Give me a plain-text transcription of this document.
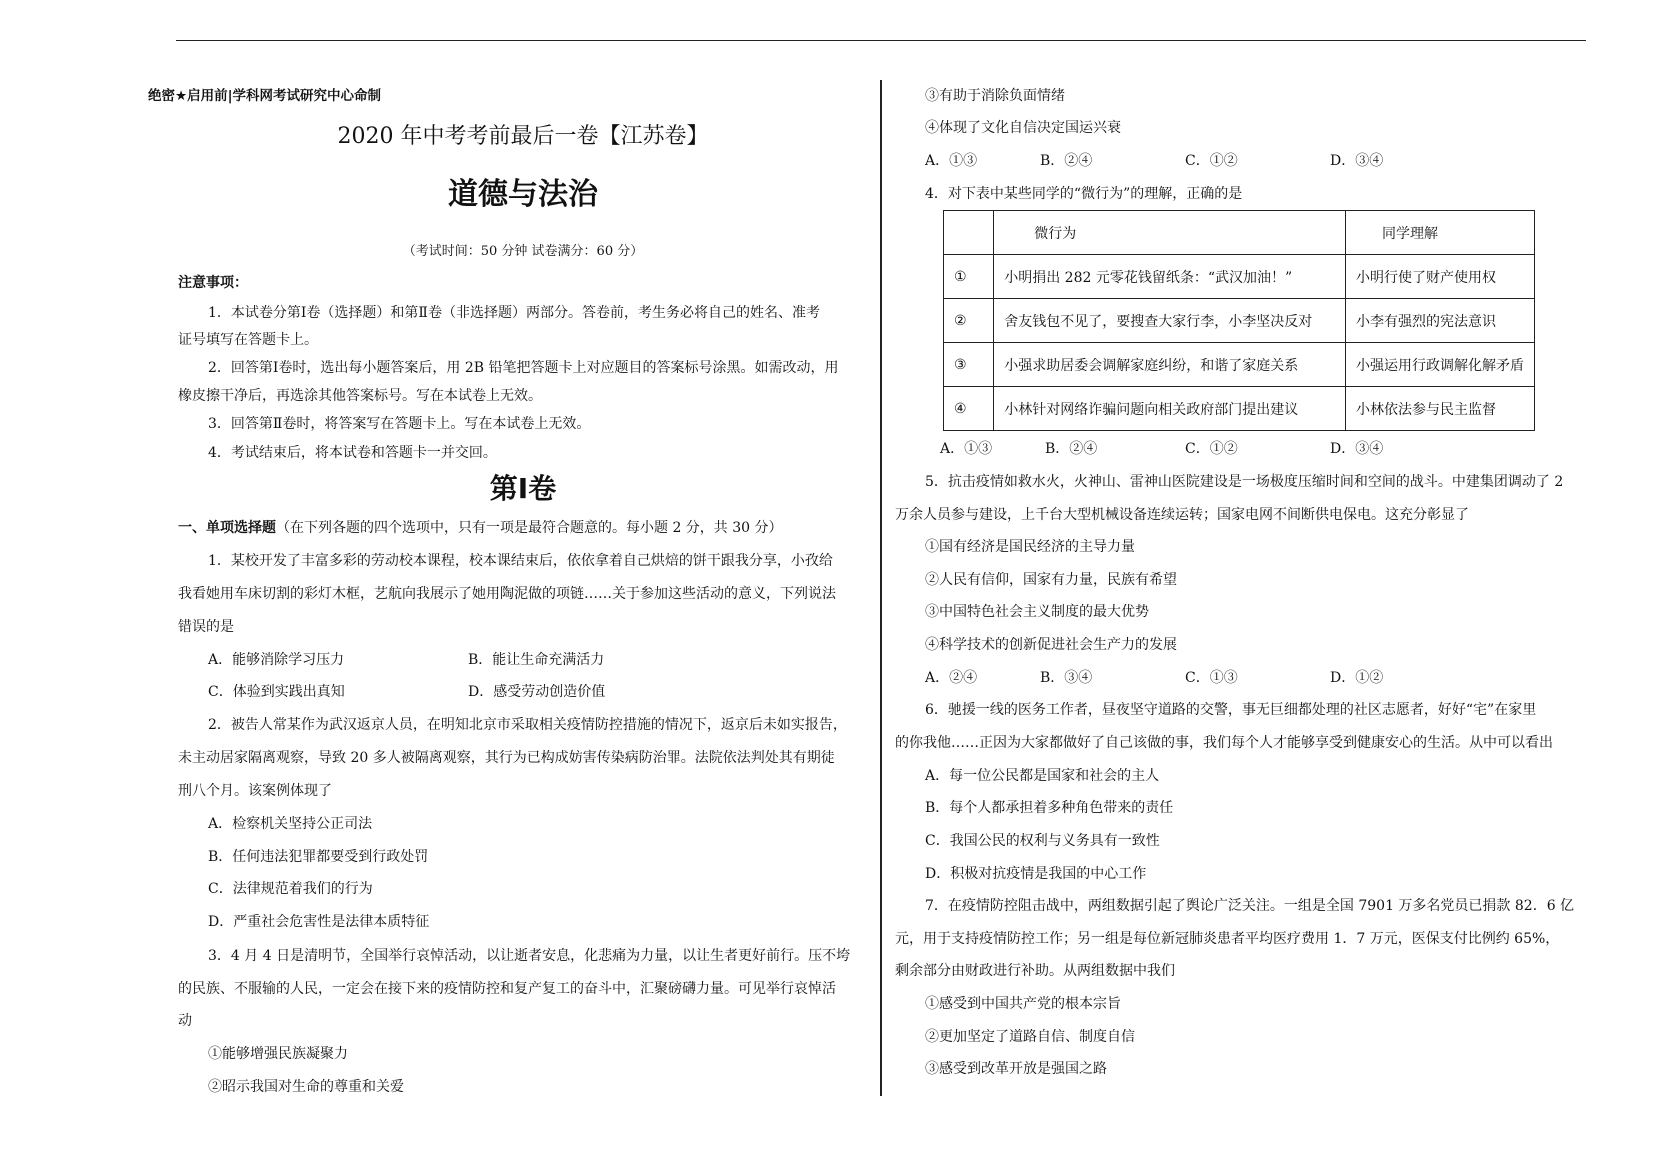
绝密★启用前|学科网考试研究中心命制
2020 年中考考前最后一卷【江苏卷】
道德与法治
（考试时间：50 分钟 试卷满分：60 分）
注意事项：
1．本试卷分第Ⅰ卷（选择题）和第Ⅱ卷（非选择题）两部分。答卷前，考生务必将自己的姓名、准考
证号填写在答题卡上。
2．回答第Ⅰ卷时，选出每小题答案后，用 2B 铅笔把答题卡上对应题目的答案标号涂黑。如需改动，用
橡皮擦干净后，再选涂其他答案标号。写在本试卷上无效。
3．回答第Ⅱ卷时，将答案写在答题卡上。写在本试卷上无效。
4．考试结束后，将本试卷和答题卡一并交回。
第Ⅰ卷
一、单项选择题（在下列各题的四个选项中，只有一项是最符合题意的。每小题 2 分，共 30 分）
1．某校开发了丰富多彩的劳动校本课程，校本课结束后，依依拿着自己烘焙的饼干跟我分享，小孜给
我看她用车床切割的彩灯木框，艺航向我展示了她用陶泥做的项链……关于参加这些活动的意义，下列说法
错误的是
A．能够消除学习压力	B．能让生命充满活力
C．体验到实践出真知	D．感受劳动创造价值
2．被告人常某作为武汉返京人员，在明知北京市采取相关疫情防控措施的情况下，返京后未如实报告，
未主动居家隔离观察，导致 20 多人被隔离观察，其行为已构成妨害传染病防治罪。法院依法判处其有期徒
刑八个月。该案例体现了
A．检察机关坚持公正司法
B．任何违法犯罪都要受到行政处罚
C．法律规范着我们的行为
D．严重社会危害性是法律本质特征
3．4 月 4 日是清明节，全国举行哀悼活动，以让逝者安息，化悲痛为力量，以让生者更好前行。压不垮
的民族、不服输的人民，一定会在接下来的疫情防控和复产复工的奋斗中，汇聚磅礴力量。可见举行哀悼活
动
①能够增强民族凝聚力
②昭示我国对生命的尊重和关爱
③有助于消除负面情绪
④体现了文化自信决定国运兴衰
A．①③	B．②④	C．①②	D．③④
4．对下表中某些同学的“微行为”的理解，正确的是
A．①③	B．②④	C．①②	D．③④
5．抗击疫情如救水火，火神山、雷神山医院建设是一场极度压缩时间和空间的战斗。中建集团调动了 2
万余人员参与建设，上千台大型机械设备连续运转；国家电网不间断供电保电。这充分彰显了
①国有经济是国民经济的主导力量
②人民有信仰，国家有力量，民族有希望
③中国特色社会主义制度的最大优势
④科学技术的创新促进社会生产力的发展
A．②④	B．③④	C．①③	D．①②
6．驰援一线的医务工作者，昼夜坚守道路的交警，事无巨细都处理的社区志愿者，好好“宅”在家里
的你我他……正因为大家都做好了自己该做的事，我们每个人才能够享受到健康安心的生活。从中可以看出
A．每一位公民都是国家和社会的主人
B．每个人都承担着多种角色带来的责任
C．我国公民的权利与义务具有一致性
D．积极对抗疫情是我国的中心工作
7．在疫情防控阻击战中，两组数据引起了舆论广泛关注。一组是全国 7901 万多名党员已捐款 82．6 亿
元，用于支持疫情防控工作；另一组是每位新冠肺炎患者平均医疗费用 1．7 万元，医保支付比例约 65%，
剩余部分由财政进行补助。从两组数据中我们
①感受到中国共产党的根本宗旨
②更加坚定了道路自信、制度自信
③感受到改革开放是强国之路
	微行为	同学理解
①	小明捐出 282 元零花钱留纸条：“武汉加油！”	小明行使了财产使用权
②	舍友钱包不见了，要搜查大家行李，小李坚决反对	小李有强烈的宪法意识
③	小强求助居委会调解家庭纠纷，和谐了家庭关系	小强运用行政调解化解矛盾
④	小林针对网络诈骗问题向相关政府部门提出建议	小林依法参与民主监督
